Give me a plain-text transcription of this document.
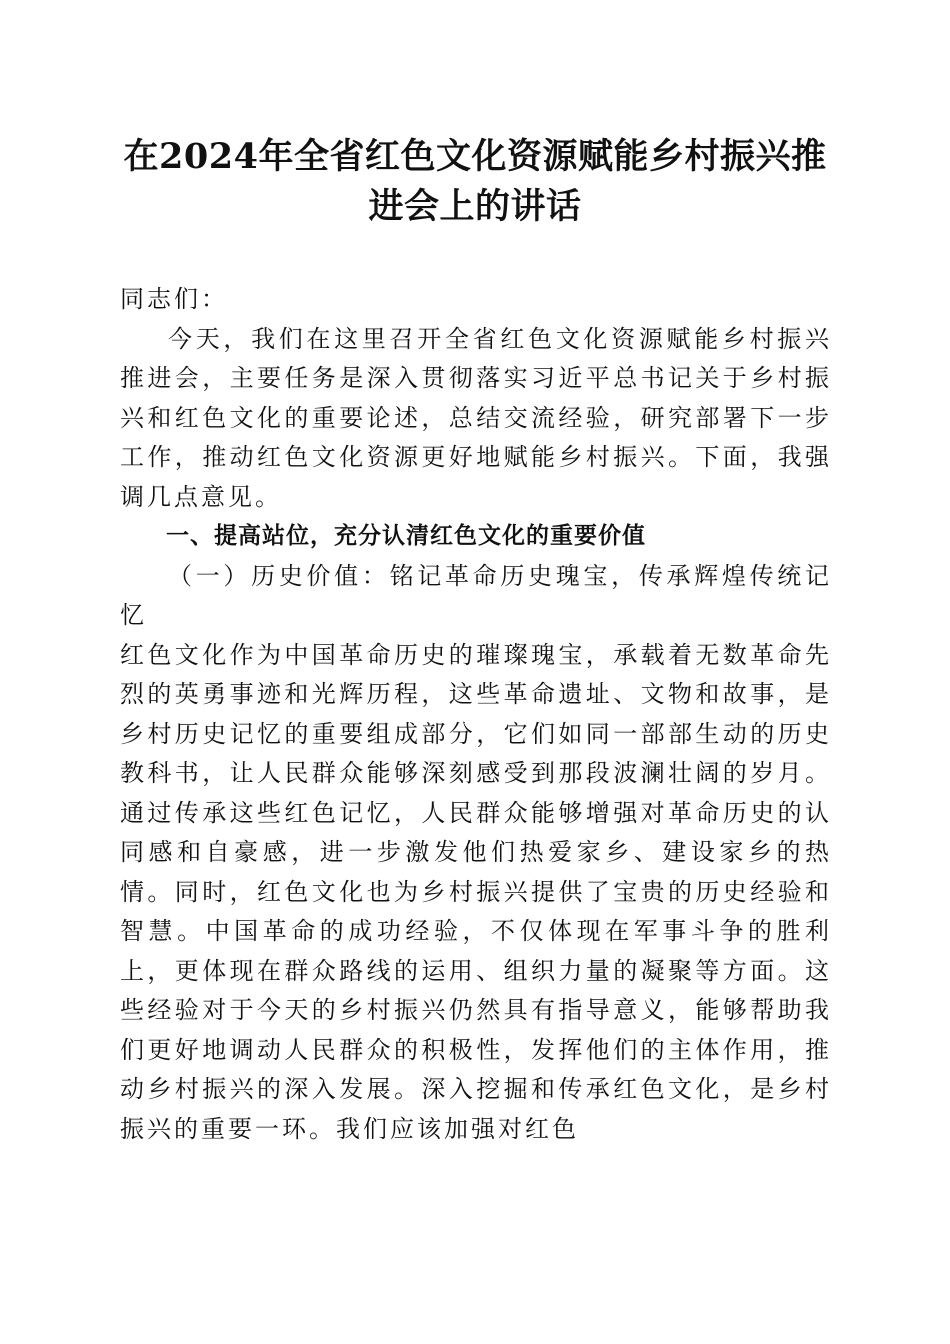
在2024年全省红色文化资源赋能乡村振兴推
进会上的讲话

同志们：

今天，我们在这里召开全省红色文化资源赋能乡村振兴推进会，主要任务是深入贯彻落实习近平总书记关于乡村振兴和红色文化的重要论述，总结交流经验，研究部署下一步工作，推动红色文化资源更好地赋能乡村振兴。下面，我强调几点意见。

一、提高站位，充分认清红色文化的重要价值

（一）历史价值：铭记革命历史瑰宝，传承辉煌传统记忆

红色文化作为中国革命历史的璀璨瑰宝，承载着无数革命先烈的英勇事迹和光辉历程，这些革命遗址、文物和故事，是乡村历史记忆的重要组成部分，它们如同一部部生动的历史教科书，让人民群众能够深刻感受到那段波澜壮阔的岁月。通过传承这些红色记忆，人民群众能够增强对革命历史的认同感和自豪感，进一步激发他们热爱家乡、建设家乡的热情。同时，红色文化也为乡村振兴提供了宝贵的历史经验和智慧。中国革命的成功经验，不仅体现在军事斗争的胜利上，更体现在群众路线的运用、组织力量的凝聚等方面。这些经验对于今天的乡村振兴仍然具有指导意义，能够帮助我们更好地调动人民群众的积极性，发挥他们的主体作用，推动乡村振兴的深入发展。深入挖掘和传承红色文化，是乡村振兴的重要一环。我们应该加强对红色
